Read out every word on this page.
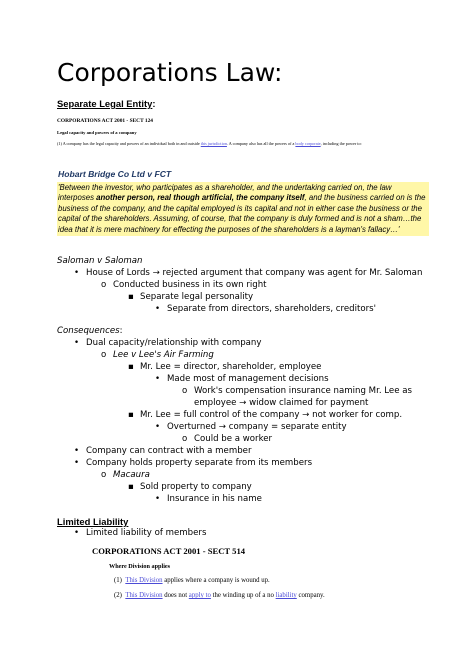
Corporations Law:
Separate Legal Entity:
CORPORATIONS ACT 2001 - SECT 124
Legal capacity and powers of a company
(1) A company has the legal capacity and powers of an individual both in and outside this jurisdiction. A company also has all the powers of a body corporate, including the power to:
Hobart Bridge Co Ltd v FCT
'Between the investor, who participates as a shareholder, and the undertaking carried on, the law interposes another person, real though artificial, the company itself, and the business carried on is the business of the company, and the capital employed is its capital and not in either case the business or the capital of the shareholders. Assuming, of course, that the company is duly formed and is not a sham…the idea that it is mere machinery for effecting the purposes of the shareholders is a layman's fallacy…'
Saloman v Saloman
• House of Lords → rejected argument that company was agent for Mr. Saloman
o Conducted business in its own right
▪ Separate legal personality
• Separate from directors, shareholders, creditors'
Consequences:
• Dual capacity/relationship with company
o Lee v Lee's Air Farming
▪ Mr. Lee = director, shareholder, employee
• Made most of management decisions
o Work's compensation insurance naming Mr. Lee as
employee → widow claimed for payment
▪ Mr. Lee = full control of the company → not worker for comp.
• Overturned → company = separate entity
o Could be a worker
• Company can contract with a member
• Company holds property separate from its members
o Macaura
▪ Sold property to company
• Insurance in his name
Limited Liability
• Limited liability of members
CORPORATIONS ACT 2001 - SECT 514
Where Division applies
(1) This Division applies where a company is wound up.
(2) This Division does not apply to the winding up of a no liability company.
